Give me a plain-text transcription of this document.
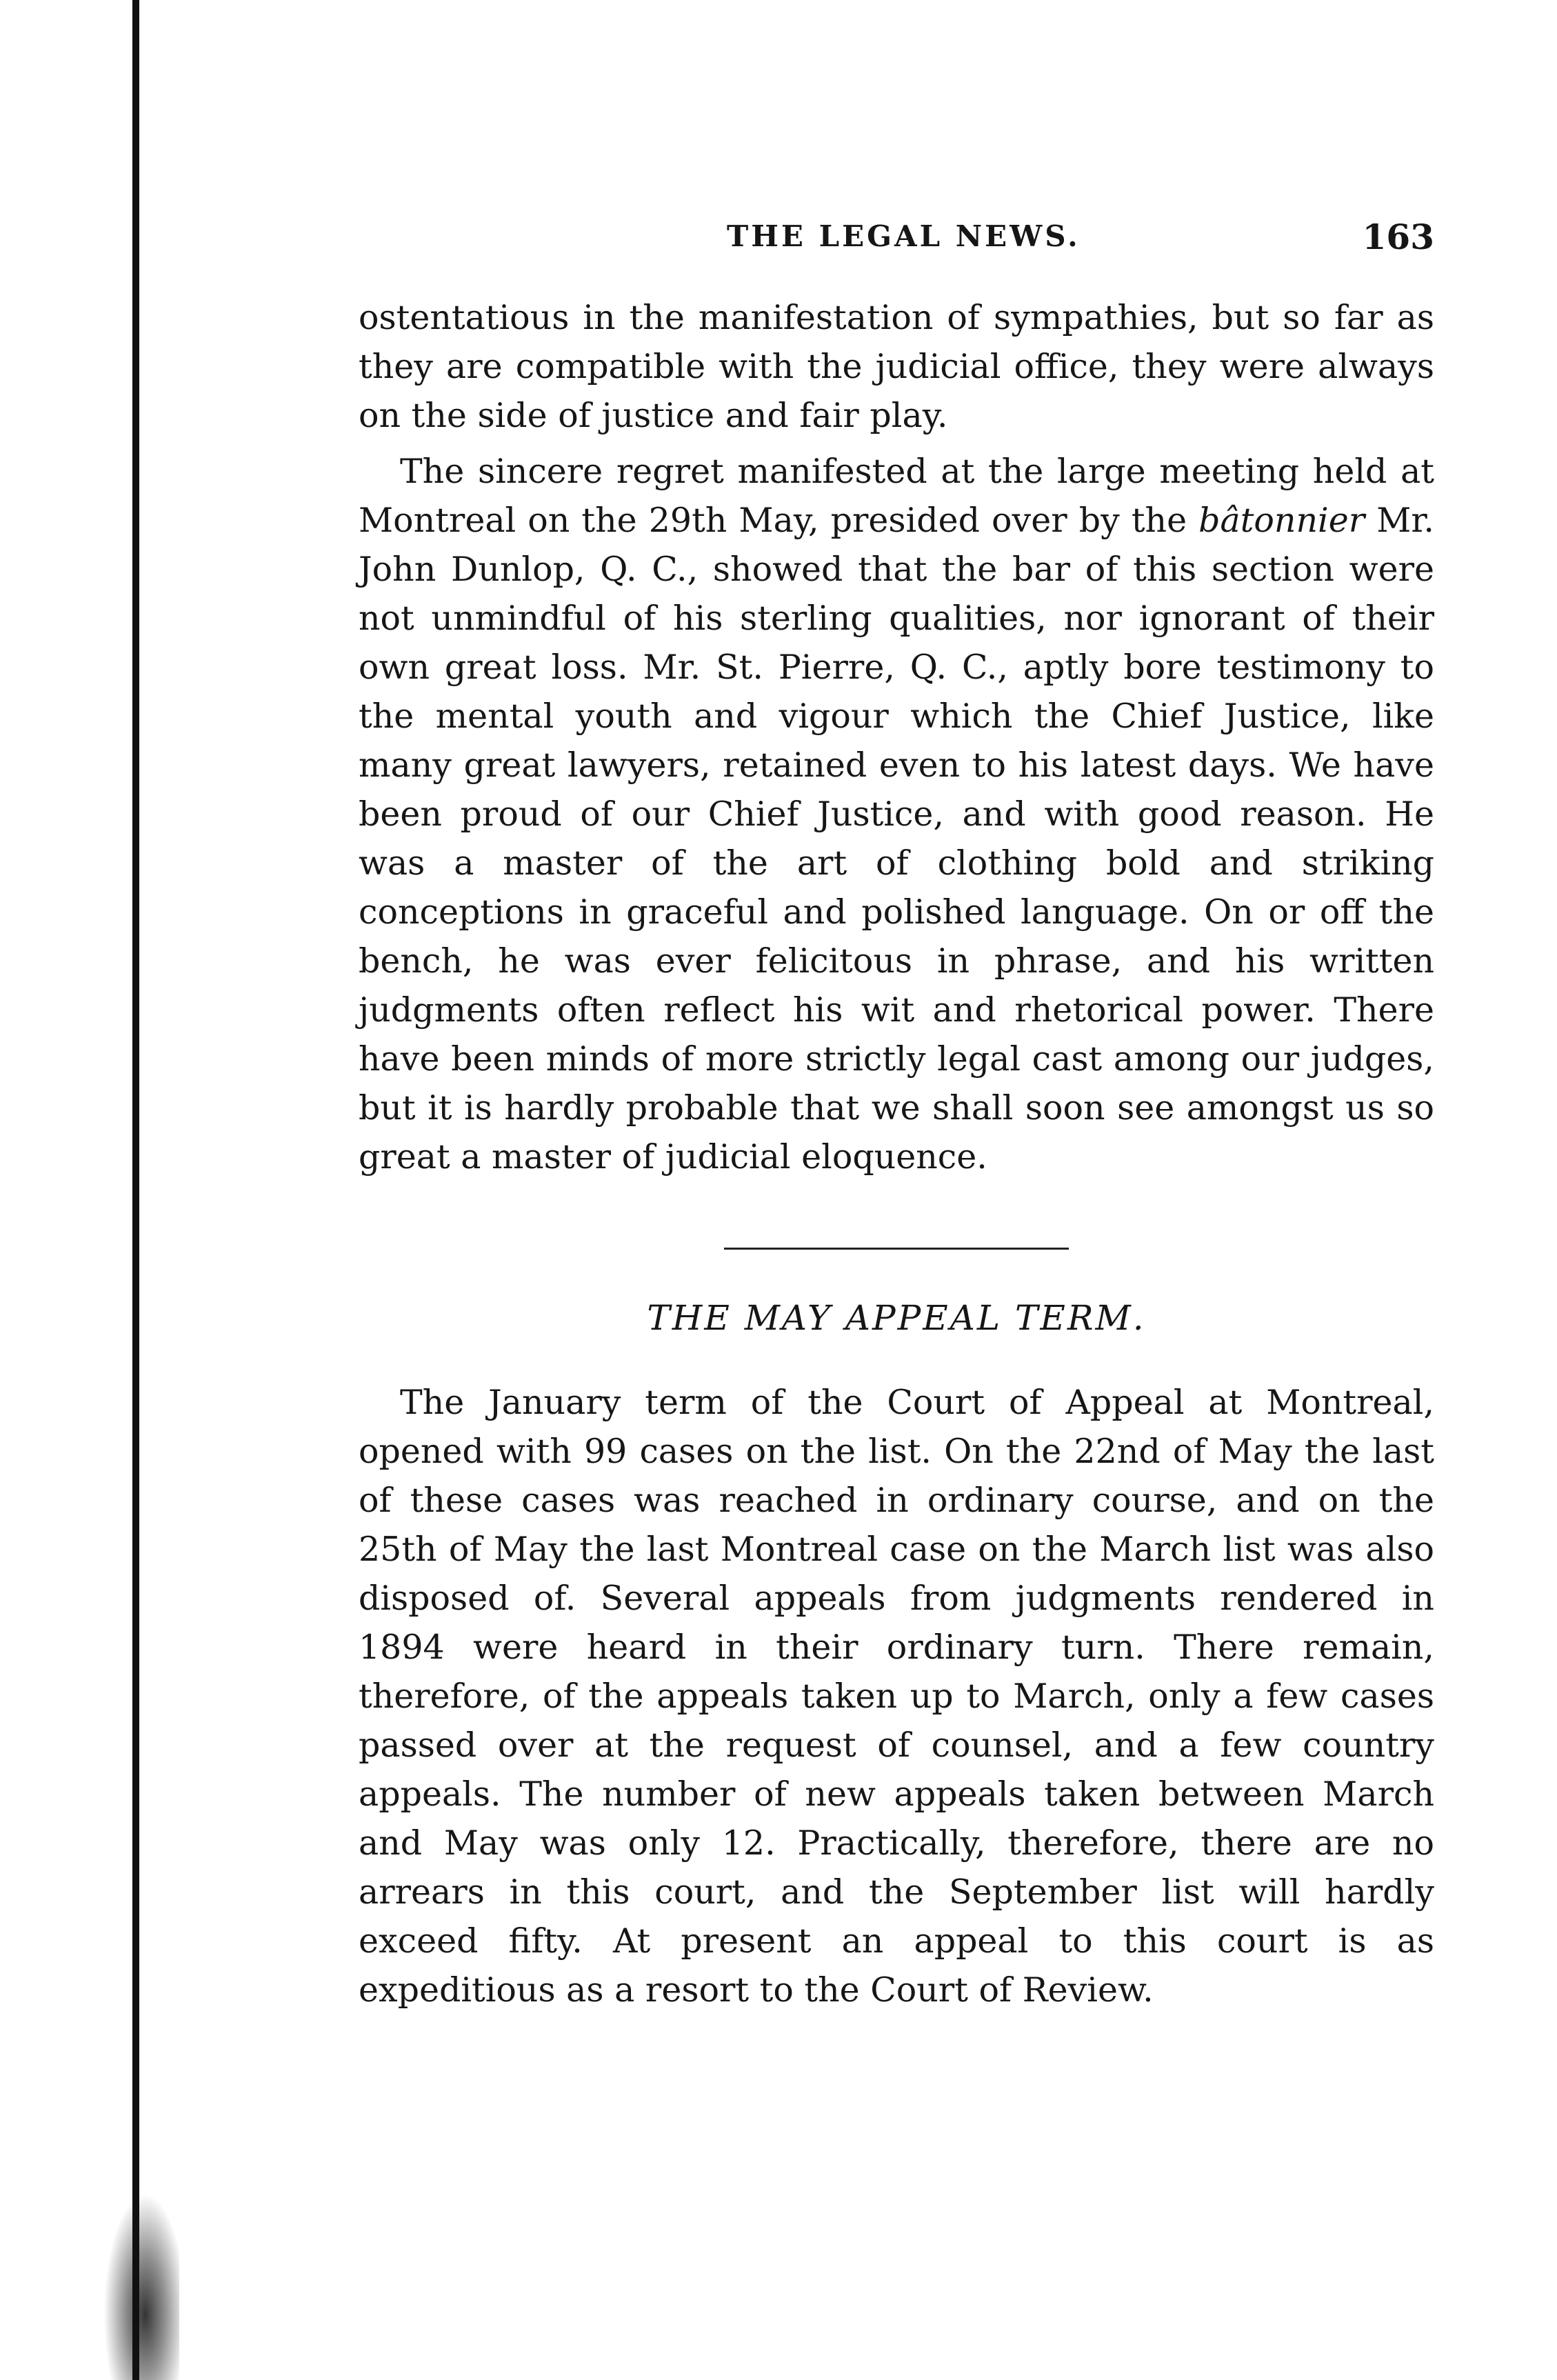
THE LEGAL NEWS.	163

ostentatious in the manifestation of sympathies, but so far as they are compatible with the judicial office, they were always on the side of justice and fair play.

The sincere regret manifested at the large meeting held at Montreal on the 29th May, presided over by the bâtonnier Mr. John Dunlop, Q. C., showed that the bar of this section were not unmindful of his sterling qualities, nor ignorant of their own great loss. Mr. St. Pierre, Q. C., aptly bore testimony to the mental youth and vigour which the Chief Justice, like many great lawyers, retained even to his latest days. We have been proud of our Chief Justice, and with good reason. He was a master of the art of clothing bold and striking conceptions in graceful and polished language. On or off the bench, he was ever felicitous in phrase, and his written judgments often reflect his wit and rhetorical power. There have been minds of more strictly legal cast among our judges, but it is hardly probable that we shall soon see amongst us so great a master of judicial eloquence.

THE MAY APPEAL TERM.

The January term of the Court of Appeal at Montreal, opened with 99 cases on the list. On the 22nd of May the last of these cases was reached in ordinary course, and on the 25th of May the last Montreal case on the March list was also disposed of. Several appeals from judgments rendered in 1894 were heard in their ordinary turn. There remain, therefore, of the appeals taken up to March, only a few cases passed over at the request of counsel, and a few country appeals. The number of new appeals taken between March and May was only 12. Practically, therefore, there are no arrears in this court, and the September list will hardly exceed fifty. At present an appeal to this court is as expeditious as a resort to the Court of Review.
